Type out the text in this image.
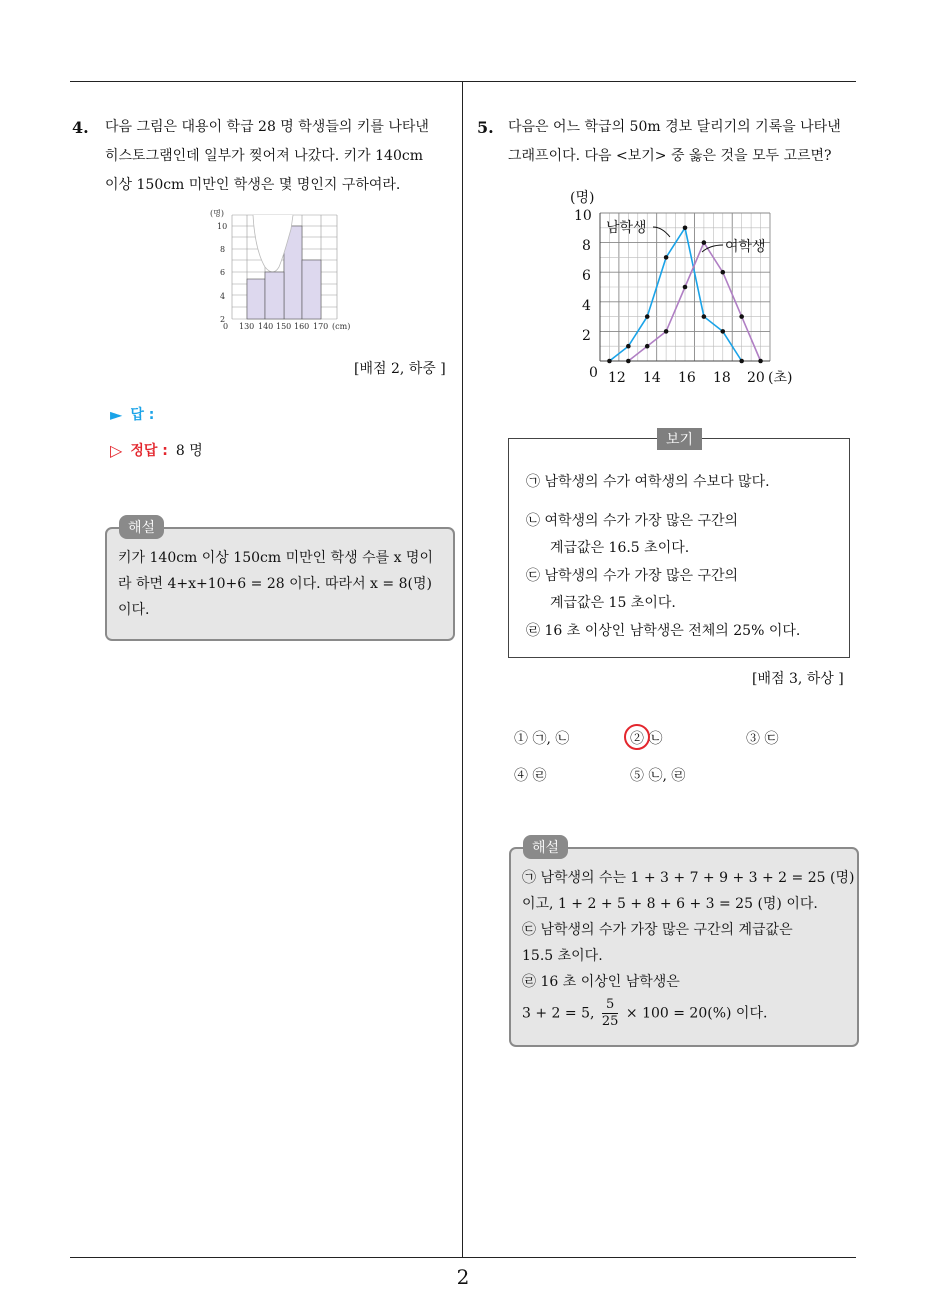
2
4. 다음 그림은 대용이 학급 28 명 학생들의 키를 나타낸
히스토그램인데 일부가 찢어져 나갔다. 키가 140cm
이상 150cm 미만인 학생은 몇 명인지 구하여라.
(명)
10
8
6
4
2
0 130 140 150 160 170 (cm)
[배점 2, 하중 ]
► 답 :
▷ 정답 : 8 명
해설
키가 140cm 이상 150cm 미만인 학생 수를 x 명이
라 하면 4+x+10+6 = 28 이다. 따라서 x = 8(명)
이다.
5. 다음은 어느 학급의 50m 경보 달리기의 기록을 나타낸
그래프이다. 다음 <보기> 중 옳은 것을 모두 고르면?
(명)
10
8
6
4
2
0 12 14 16 18 20 (초)
남학생
여학생
보기
㉠ 남학생의 수가 여학생의 수보다 많다.
㉡ 여학생의 수가 가장 많은 구간의
계급값은 16.5 초이다.
㉢ 남학생의 수가 가장 많은 구간의
계급값은 15 초이다.
㉣ 16 초 이상인 남학생은 전체의 25% 이다.
[배점 3, 하상 ]
① ㉠, ㉡	② ㉡	③ ㉢
④ ㉣	⑤ ㉡, ㉣
해설
㉠ 남학생의 수는 1 + 3 + 7 + 9 + 3 + 2 = 25 (명)
이고, 1 + 2 + 5 + 8 + 6 + 3 = 25 (명) 이다.
㉢ 남학생의 수가 가장 많은 구간의 계급값은
15.5 초이다.
㉣ 16 초 이상인 남학생은
3 + 2 = 5, $\frac{5}{25} \times 100 = 20(\%)$ 이다.
